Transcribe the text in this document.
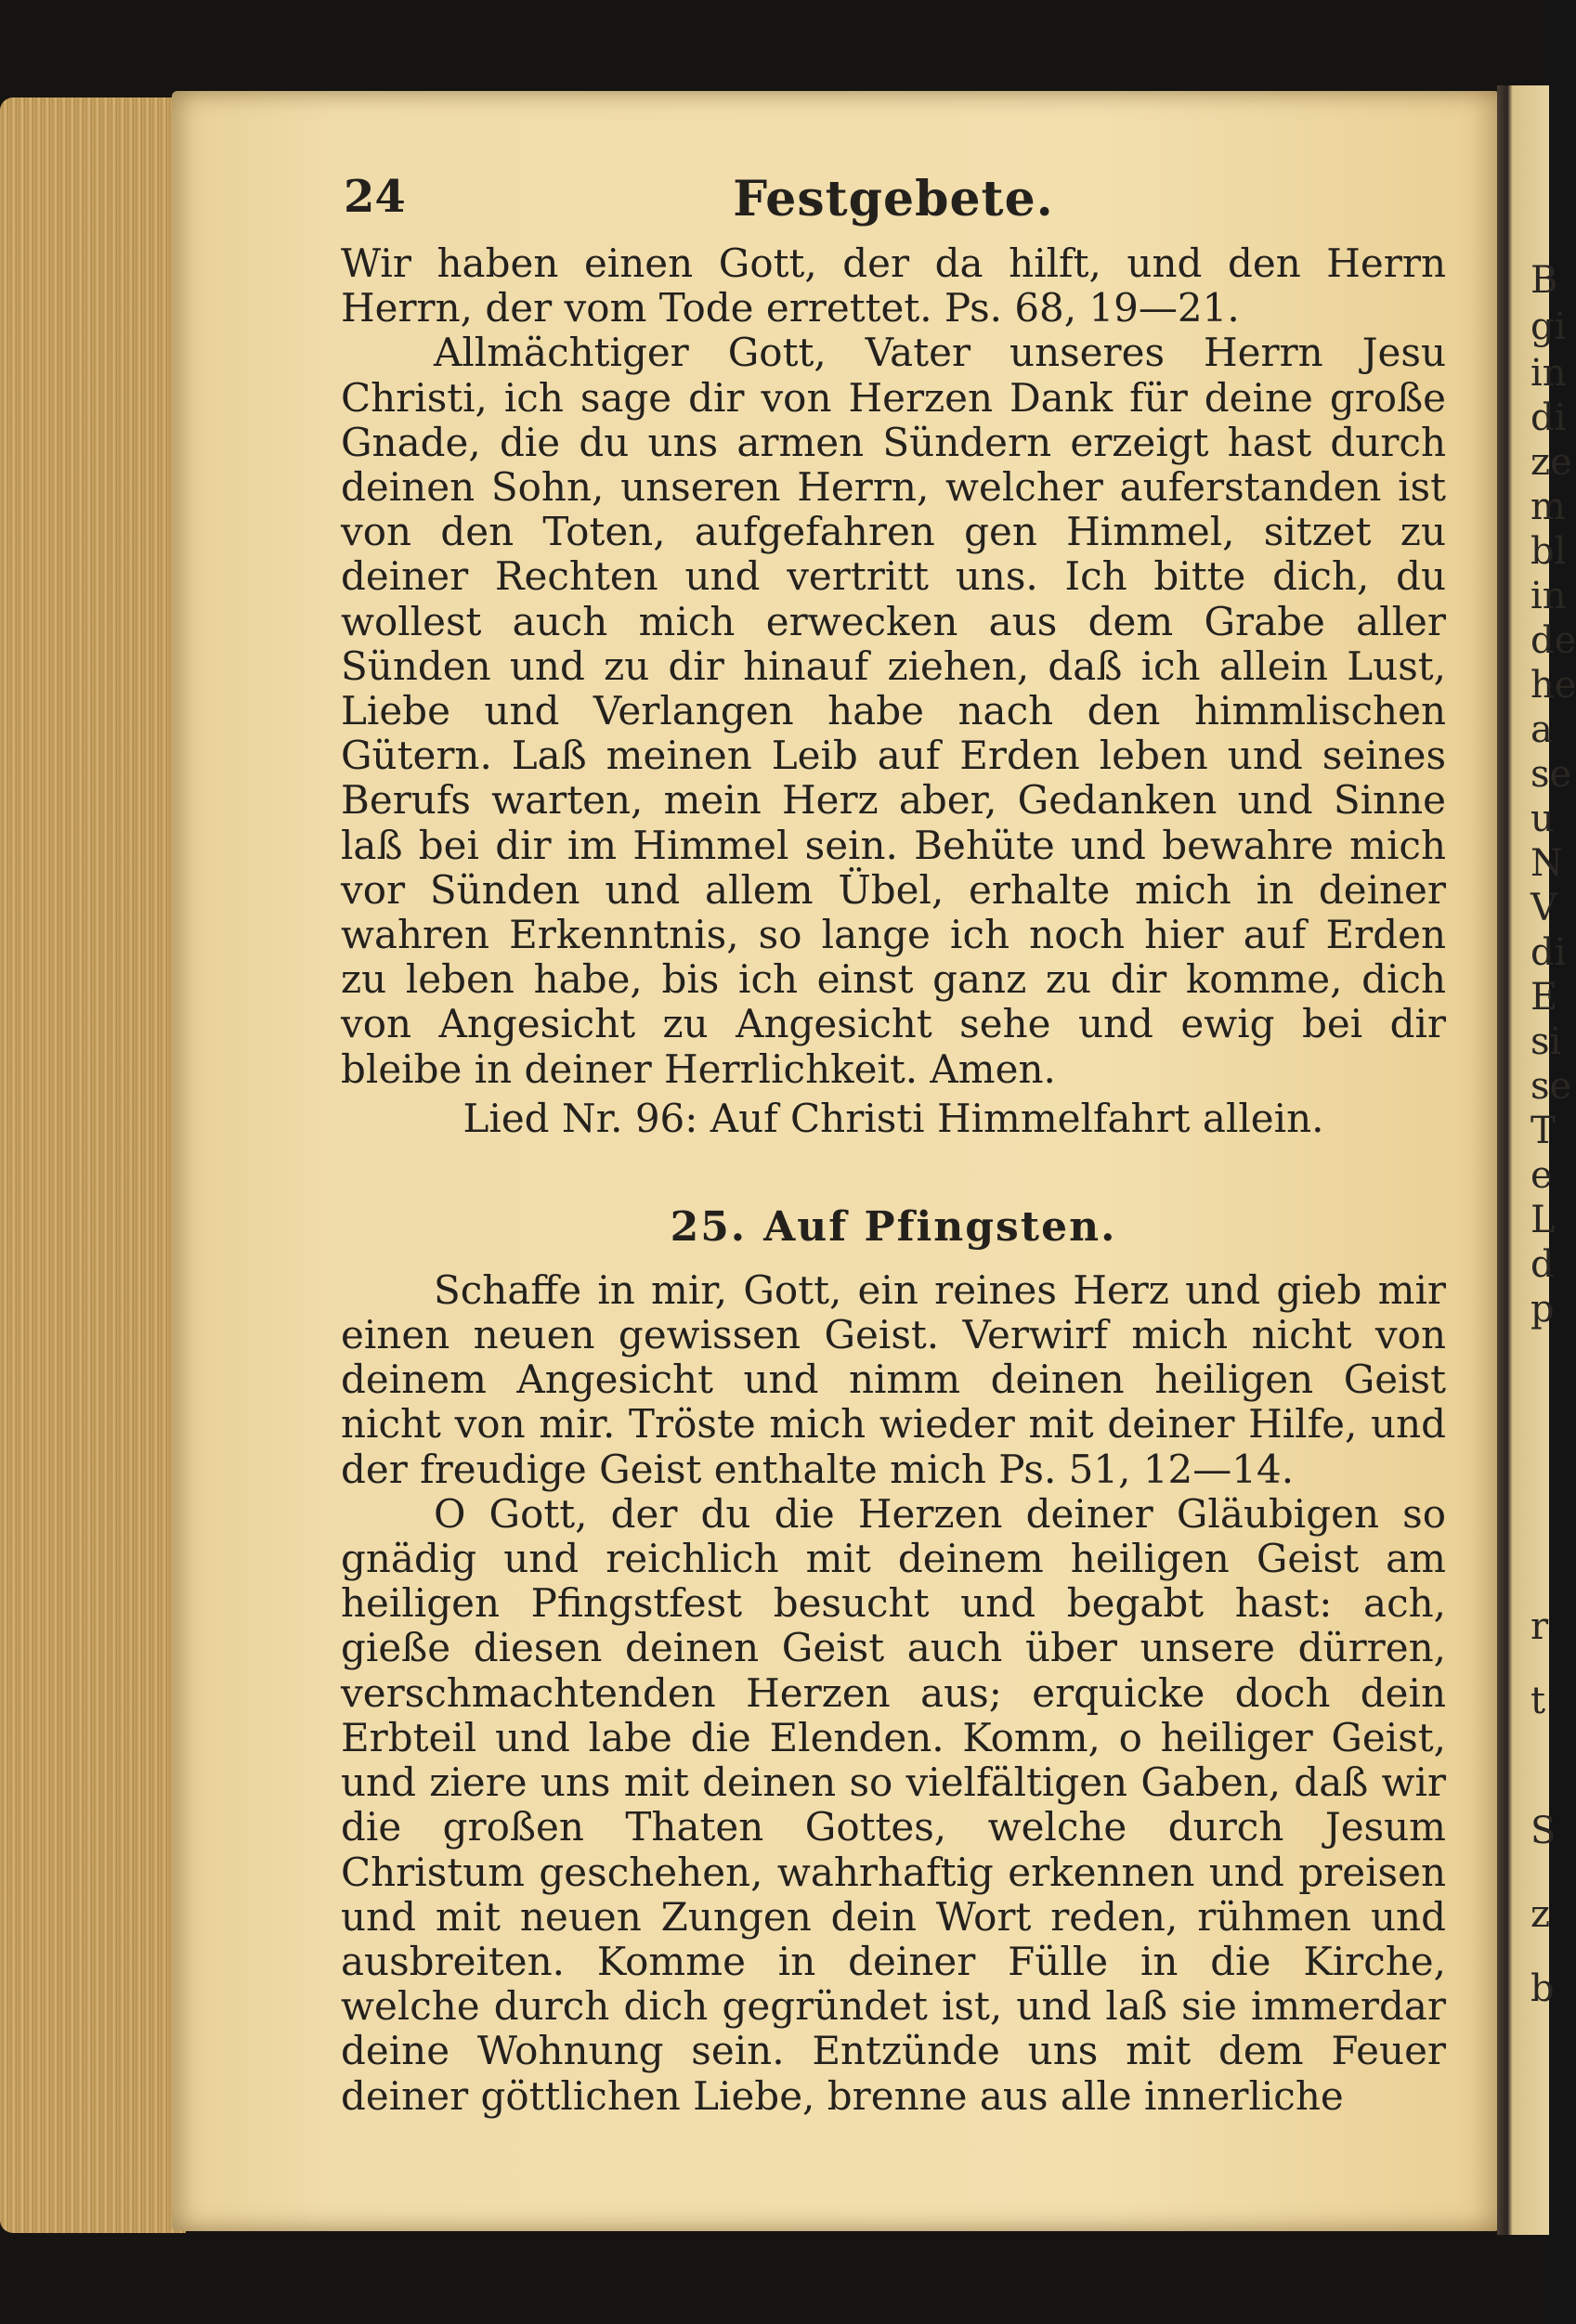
B
gi
in
di
ze
m
bl
in
de
he
a
se
u
N
V
di
E
si
se
T
e
L
d
p
r
t
S
z
b
24	Festgebete.

Wir haben einen Gott, der da hilft, und den Herrn Herrn, der vom Tode errettet. Ps. 68, 19—21.

Allmächtiger Gott, Vater unseres Herrn Jesu Christi, ich sage dir von Herzen Dank für deine große Gnade, die du uns armen Sündern erzeigt hast durch deinen Sohn, unseren Herrn, welcher auferstanden ist von den Toten, aufgefahren gen Himmel, sitzet zu deiner Rechten und vertritt uns. Ich bitte dich, du wollest auch mich erwecken aus dem Grabe aller Sünden und zu dir hinauf ziehen, daß ich allein Lust, Liebe und Verlangen habe nach den himmlischen Gütern. Laß meinen Leib auf Erden leben und seines Berufs warten, mein Herz aber, Gedanken und Sinne laß bei dir im Himmel sein. Behüte und bewahre mich vor Sünden und allem Übel, erhalte mich in deiner wahren Erkenntnis, so lange ich noch hier auf Erden zu leben habe, bis ich einst ganz zu dir komme, dich von Angesicht zu Angesicht sehe und ewig bei dir bleibe in deiner Herrlichkeit. Amen.

Lied Nr. 96: Auf Christi Himmelfahrt allein.

25. Auf Pfingsten.

Schaffe in mir, Gott, ein reines Herz und gieb mir einen neuen gewissen Geist. Verwirf mich nicht von deinem Angesicht und nimm deinen heiligen Geist nicht von mir. Tröste mich wieder mit deiner Hilfe, und der freudige Geist enthalte mich Ps. 51, 12—14.

O Gott, der du die Herzen deiner Gläubigen so gnädig und reichlich mit deinem heiligen Geist am heiligen Pfingstfest besucht und begabt hast: ach, gieße diesen deinen Geist auch über unsere dürren, verschmachtenden Herzen aus; erquicke doch dein Erbteil und labe die Elenden. Komm, o heiliger Geist, und ziere uns mit deinen so vielfältigen Gaben, daß wir die großen Thaten Gottes, welche durch Jesum Christum geschehen, wahrhaftig erkennen und preisen und mit neuen Zungen dein Wort reden, rühmen und ausbreiten. Komme in deiner Fülle in die Kirche, welche durch dich gegründet ist, und laß sie immerdar deine Wohnung sein. Entzünde uns mit dem Feuer deiner göttlichen Liebe, brenne aus alle innerliche
